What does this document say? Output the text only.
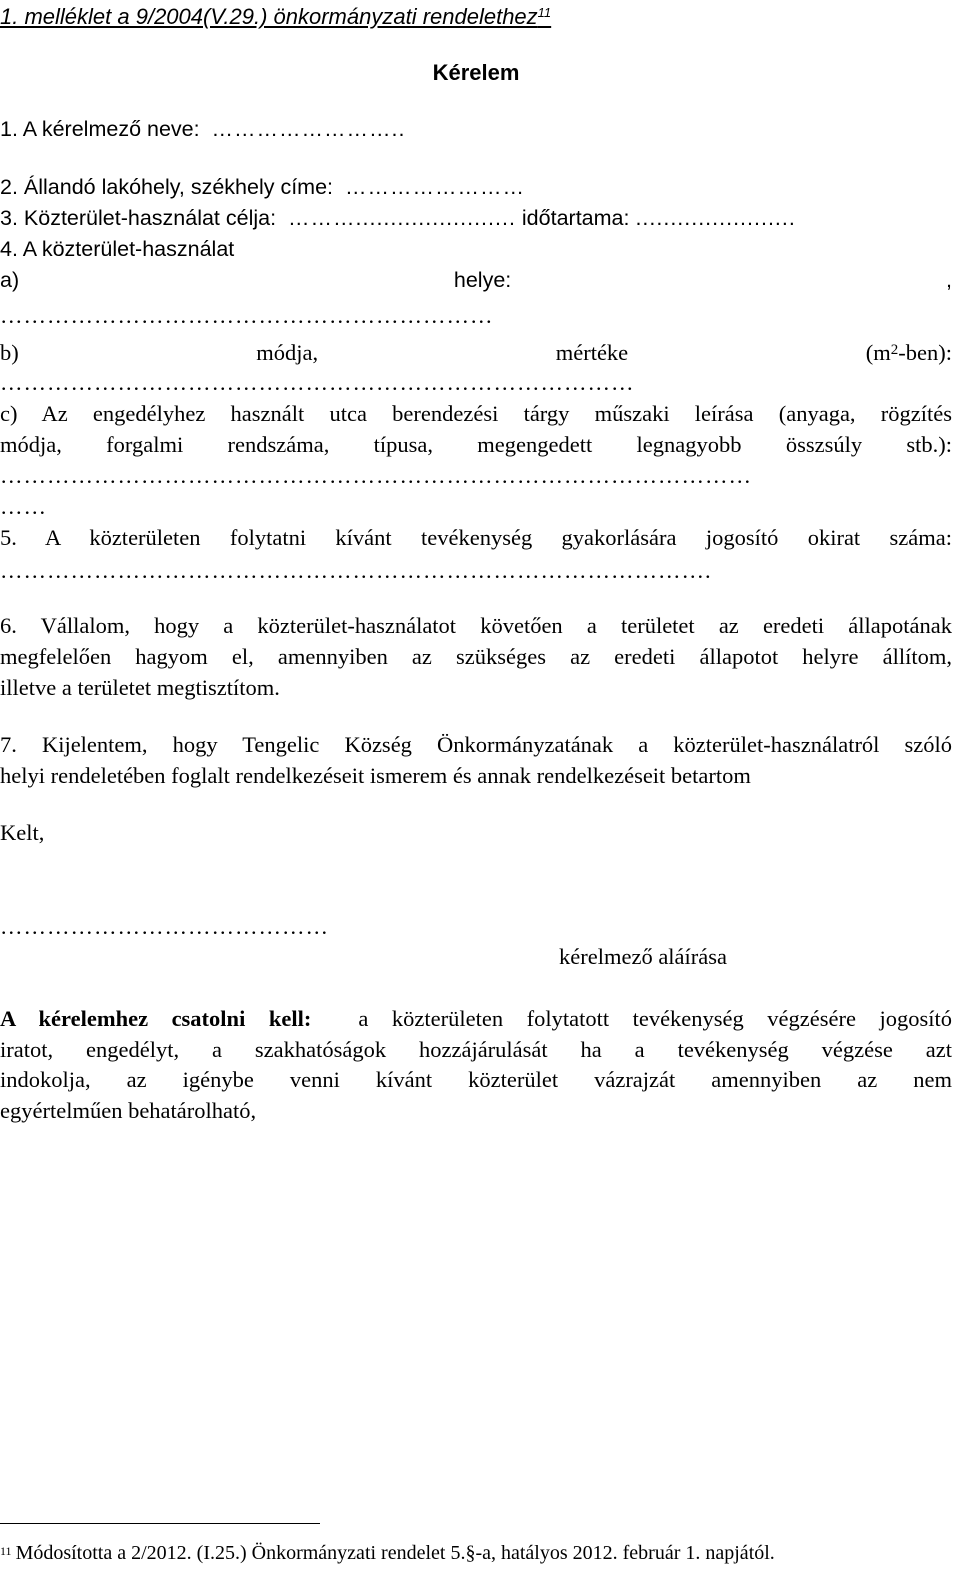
1. melléklet a 9/2004(V.29.) önkormányzati rendelethez$^{11}$
Kérelem
1. A kérelmező neve: ……………………..
2. Állandó lakóhely, székhely címe: ……………………
3. Közterület-használat célja: ………....................... időtartama: .......................
4. A közterület-használat
a)	helye:	,
………………………………………………………
b)	módja,	mértéke	$(m^2-ben)$:
………………………………………………………………………
c) Az engedélyhez használt utca berendezési tárgy műszaki leírása (anyaga, rögzítés
módja, forgalmi rendszáma, típusa, megengedett legnagyobb összsúly stb.):
……………………………………………………………………………………
……
5. A közterületen folytatni kívánt tevékenység gyakorlására jogosító okirat száma:
……………………………………………………………………………….
6. Vállalom, hogy a közterület-használatot követően a területet az eredeti állapotának
megfelelően hagyom el, amennyiben az szükséges az eredeti állapotot helyre állítom,
illetve a területet megtisztítom.
7. Kijelentem, hogy Tengelic Község Önkormányzatának a közterület-használatról szóló
helyi rendeletében foglalt rendelkezéseit ismerem és annak rendelkezéseit betartom
Kelt,
……………………………………
kérelmező aláírása
A kérelemhez csatolni kell: a közterületen folytatott tevékenység végzésére jogosító
iratot, engedélyt, a szakhatóságok hozzájárulását ha a tevékenység végzése azt
indokolja, az igénybe venni kívánt közterület vázrajzát amennyiben az nem
egyértelműen behatárolható,
$^{11}$ Módosította a 2/2012. (I.25.) Önkormányzati rendelet 5.§-a, hatályos 2012. február 1. napjától.
